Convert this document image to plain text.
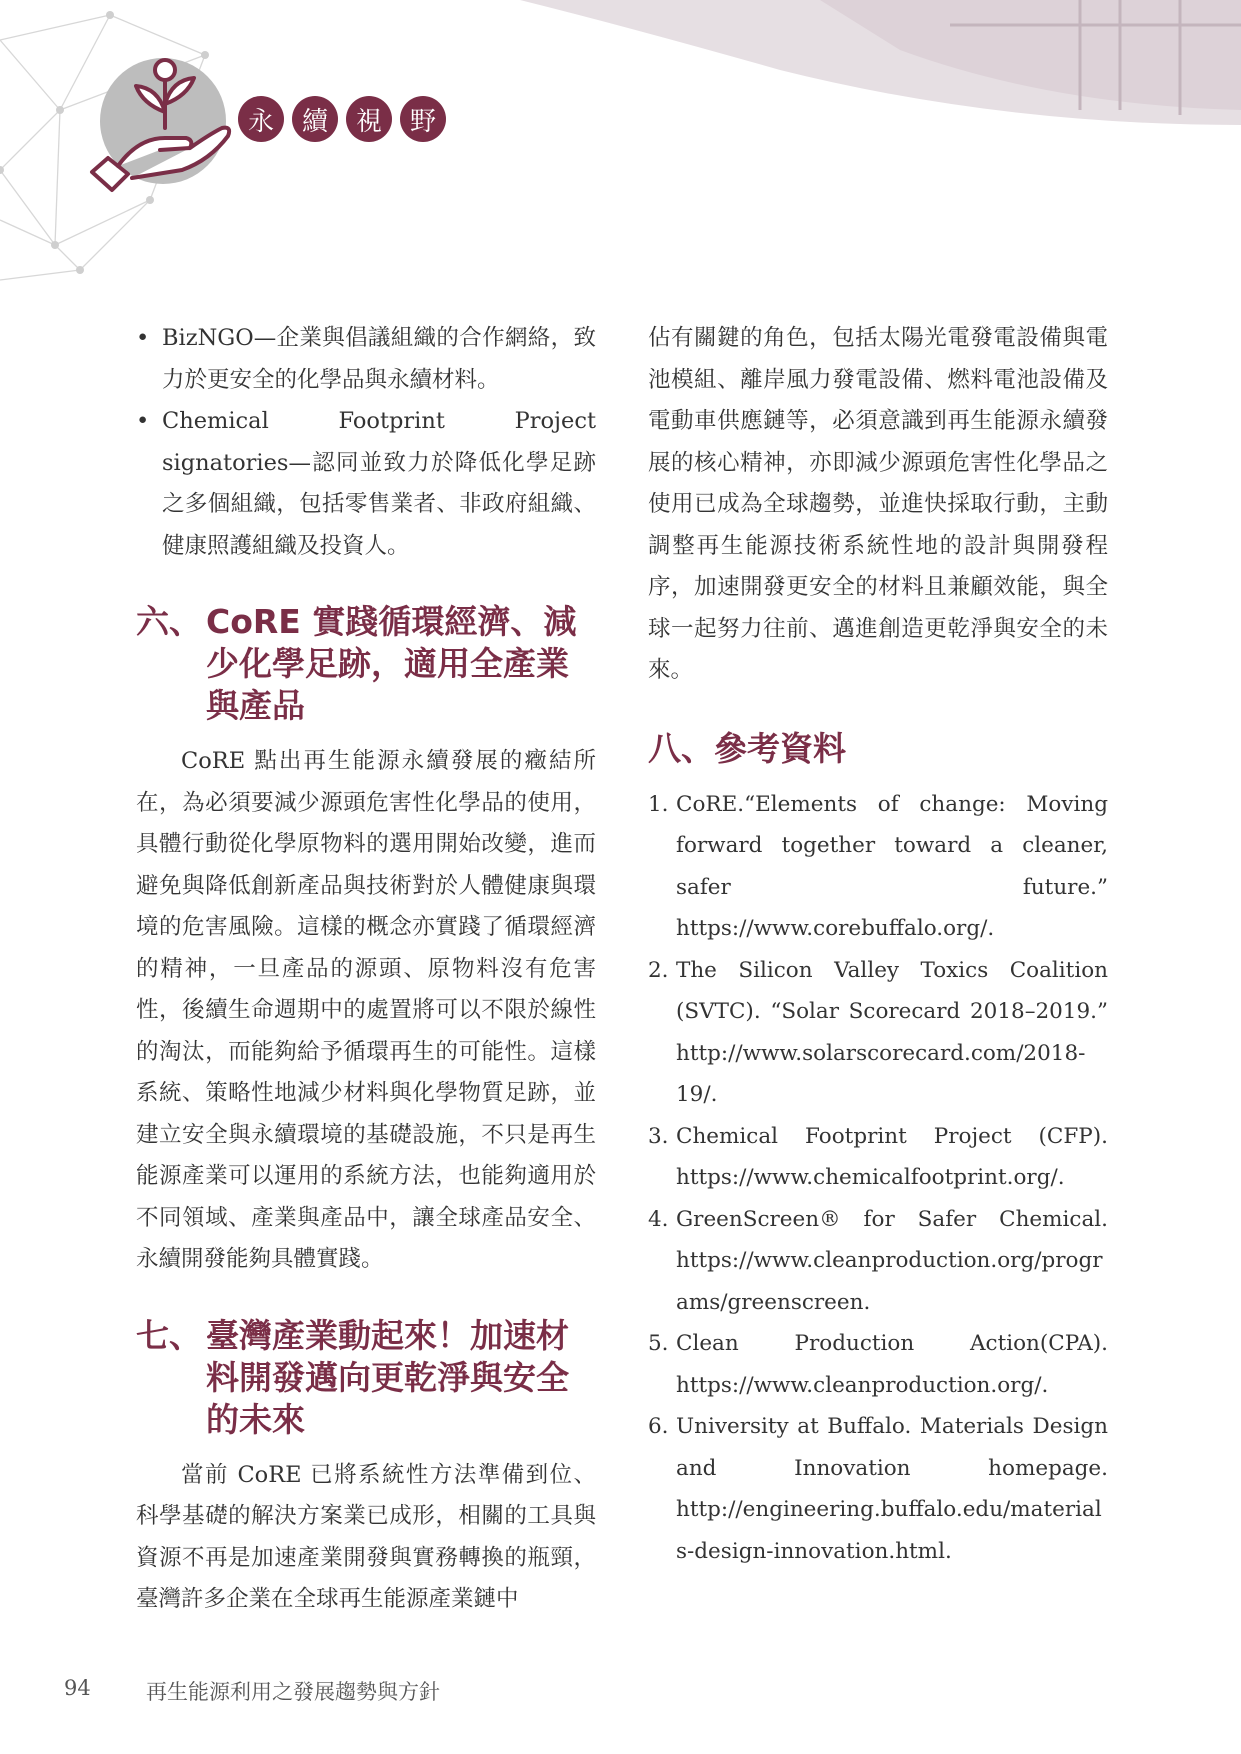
永	續	視	野
• BizNGO—企業與倡議組織的合作網絡，致力於更安全的化學品與永續材料。
• Chemical Footprint Project signatories—認同並致力於降低化學足跡之多個組織，包括零售業者、非政府組織、健康照護組織及投資人。
六、 CoRE 實踐循環經濟、減少化學足跡，適用全產業與產品

CoRE 點出再生能源永續發展的癥結所在，為必須要減少源頭危害性化學品的使用，具體行動從化學原物料的選用開始改變，進而避免與降低創新產品與技術對於人體健康與環境的危害風險。這樣的概念亦實踐了循環經濟的精神，一旦產品的源頭、原物料沒有危害性，後續生命週期中的處置將可以不限於線性的淘汰，而能夠給予循環再生的可能性。這樣系統、策略性地減少材料與化學物質足跡，並建立安全與永續環境的基礎設施，不只是再生能源產業可以運用的系統方法，也能夠適用於不同領域、產業與產品中，讓全球產品安全、永續開發能夠具體實踐。

七、 臺灣產業動起來！加速材料開發邁向更乾淨與安全的未來

當前 CoRE 已將系統性方法準備到位、科學基礎的解決方案業已成形，相關的工具與資源不再是加速產業開發與實務轉換的瓶頸，臺灣許多企業在全球再生能源產業鏈中

佔有關鍵的角色，包括太陽光電發電設備與電池模組、離岸風力發電設備、燃料電池設備及電動車供應鏈等，必須意識到再生能源永續發展的核心精神，亦即減少源頭危害性化學品之使用已成為全球趨勢，並進快採取行動，主動調整再生能源技術系統性地的設計與開發程序，加速開發更安全的材料且兼顧效能，與全球一起努力往前、邁進創造更乾淨與安全的未來。

八、參考資料
1. CoRE.“Elements of change: Moving forward together toward a cleaner, safer future.” https://www.corebuffalo.org/.
2. The Silicon Valley Toxics Coalition (SVTC). “Solar Scorecard 2018–2019.” http://www.solarscorecard.com/2018-19/.
3. Chemical Footprint Project (CFP). https://www.chemicalfootprint.org/.
4. GreenScreen® for Safer Chemical. https://www.cleanproduction.org/programs/greenscreen.
5. Clean Production Action(CPA). https://www.cleanproduction.org/.
6. University at Buffalo. Materials Design and Innovation homepage. http://engineering.buffalo.edu/materials-design-innovation.html.
94	再生能源利用之發展趨勢與方針
